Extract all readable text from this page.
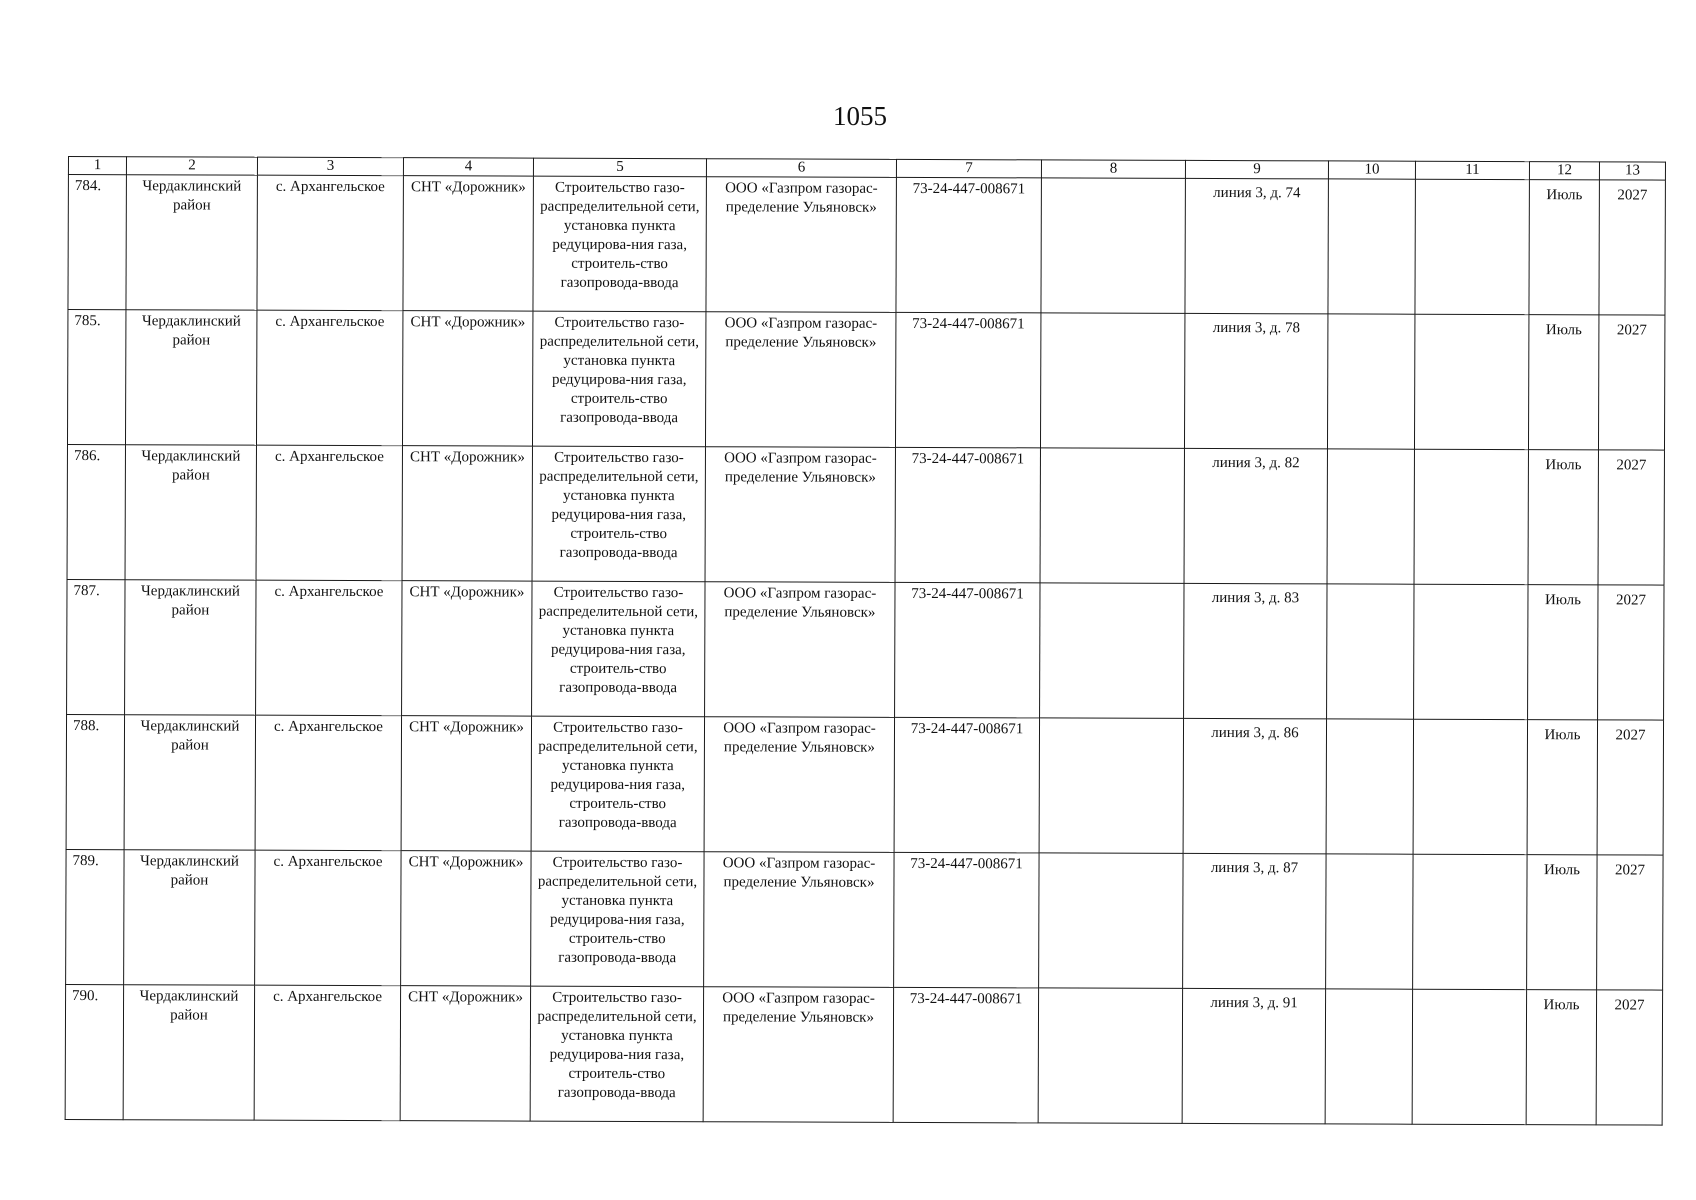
1055
1	2	3	4	5	6	7	8	9	10	11	12	13
784.	Чердаклинский район	с. Архангельское	СНТ «Дорожник»	Строительство газо-распределительной сети, установка пункта редуцирова-ния газа, строитель-ство газопровода-ввода	ООО «Газпром газорас-пределение Ульяновск»	73-24-447-008671		линия 3, д. 74			Июль	2027
785.	Чердаклинский район	с. Архангельское	СНТ «Дорожник»	Строительство газо-распределительной сети, установка пункта редуцирова-ния газа, строитель-ство газопровода-ввода	ООО «Газпром газорас-пределение Ульяновск»	73-24-447-008671		линия 3, д. 78			Июль	2027
786.	Чердаклинский район	с. Архангельское	СНТ «Дорожник»	Строительство газо-распределительной сети, установка пункта редуцирова-ния газа, строитель-ство газопровода-ввода	ООО «Газпром газорас-пределение Ульяновск»	73-24-447-008671		линия 3, д. 82			Июль	2027
787.	Чердаклинский район	с. Архангельское	СНТ «Дорожник»	Строительство газо-распределительной сети, установка пункта редуцирова-ния газа, строитель-ство газопровода-ввода	ООО «Газпром газорас-пределение Ульяновск»	73-24-447-008671		линия 3, д. 83			Июль	2027
788.	Чердаклинский район	с. Архангельское	СНТ «Дорожник»	Строительство газо-распределительной сети, установка пункта редуцирова-ния газа, строитель-ство газопровода-ввода	ООО «Газпром газорас-пределение Ульяновск»	73-24-447-008671		линия 3, д. 86			Июль	2027
789.	Чердаклинский район	с. Архангельское	СНТ «Дорожник»	Строительство газо-распределительной сети, установка пункта редуцирова-ния газа, строитель-ство газопровода-ввода	ООО «Газпром газорас-пределение Ульяновск»	73-24-447-008671		линия 3, д. 87			Июль	2027
790.	Чердаклинский район	с. Архангельское	СНТ «Дорожник»	Строительство газо-распределительной сети, установка пункта редуцирова-ния газа, строитель-ство газопровода-ввода	ООО «Газпром газорас-пределение Ульяновск»	73-24-447-008671		линия 3, д. 91			Июль	2027
